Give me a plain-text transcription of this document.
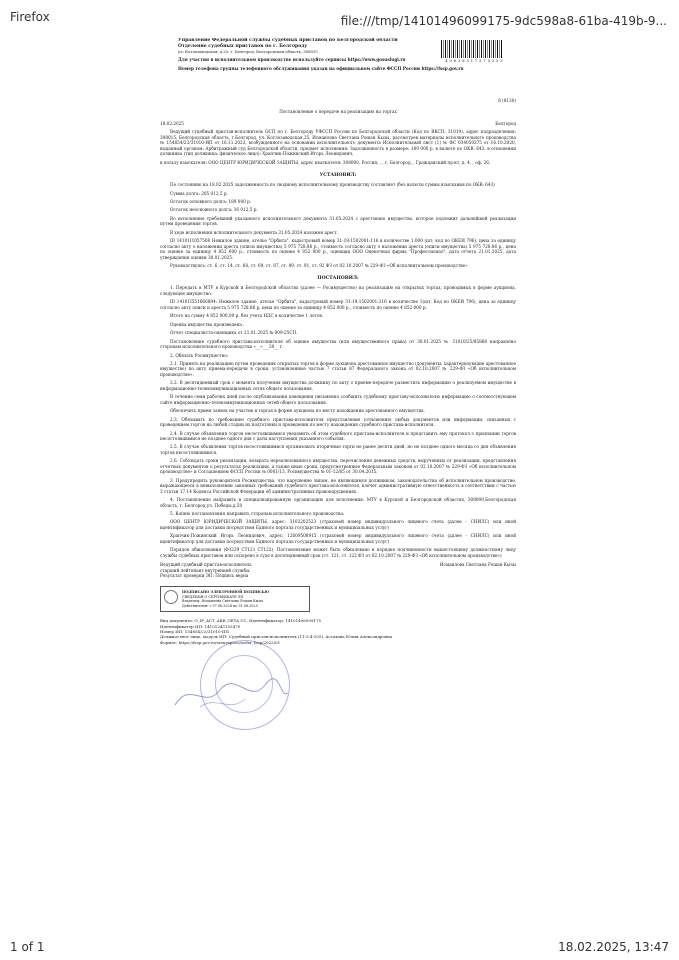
Firefox	file:///tmp/14101496099175-9dc598a8-61ba-419b-9...
Управление Федеральной службы судебных приставов по Белгородской области
Отделение судебных приставов по г. Белгороду
ул. Котлозаводская, д.25, г. Белгород, Белгородская область, 308015
4 0 6 3 8 3 1 7 3 7 5 3 5 3
Для участия в исполнительном производстве используйте сервисы https://www.gosuslugi.ru
Номер телефона группы телефонного обслуживания указан на официальном сайте ФССП России https://fssp.gov.ru
8 (8130)
Постановление о передаче на реализацию на торгах
18.02.2025	Белгород
Ведущий судебный пристав-исполнитель ОСП по г. Белгороду УФССП России по Белгородской области (Код по ВКСП: 31019), адрес подразделения: 308015, Белгородская область, г.Белгород, ул. Котлозаводская,25, Исмаилова Светлана Рошан Кызы, рассмотрев материалы исполнительного производства № 154854/23/31010-ИП от 16.11.2023, возбужденного на основании исполнительного документа Исполнительный лист (1) № ФС 034050375 от 16.10.2020, выданный органом: Арбитражный суд Белгородской области, предмет исполнения: Задолженность в размере: 189 000 р. в валюте по ОКВ: 643, в отношении должника (тип должника: физическое лицо): Храпчик-Пожинский Игорь Леонидович,
в пользу взыскателя: ООО ЦЕНТР ЮРИДИЧЕСКОЙ ЗАЩИТЫ, адрес взыскателя: 308000, Россия, , , г. Белгород, , Гражданский пр-кт, д. 4, , оф. 26,
УСТАНОВИЛ:
По состоянию на 18.02.2025 задолженность по сводному исполнительному производству составляет (без валюты суммы взыскания по ОКВ: 643)
Сумма долга: 205 012,5 р.
Остаток основного долга: 189 000 р.
Остаток неосновного долга: 16 012,5 р.
Во исполнение требований указанного исполнительного документа 31.05.2024 с арестовано имущество, которое подлежит дальнейшей реализации путем проведения торгов.
В ходе исполнения исполнительного документа 31.05.2024 наложен арест.
ID 14101I1057508 Нежилое здание, ателье "Орбита", кадастровый номер 31:19:1502001:116 в количестве 1.000 (шт; код по ОКЕИ 796), цена за единицу согласно акту о наложении ареста (описи имущества) 5 975 728.86 р., стоимость согласно акту о наложении ареста (описи имущества) 5 975 728.86 р., цена по оценке за единицу 4 852 000 р., стоимость по оценке 4 852 000 р., оценщик ООО Оценочная фирма "Профессионал", дата отчета 21.01.2025, дата утверждения оценки 30.01.2025.
Руководствуясь: ст. 6, ст. 14, ст. 68, ст. 69, ст. 87, ст. 89, ст. 91, ст. 92 ФЗ от 02.10.2007 № 229-ФЗ «Об исполнительном производстве»
ПОСТАНОВИЛ:
1. Передать в МТУ в Курской и Белгородской областях (далее — Росимущество) на реализацию на открытых торгах, проводимых в форме аукциона, следующее имущество:
ID 14101I551666894: Нежилое здание, ателье "Орбита", кадастровый номер 31:19:1502001:116 в количестве 1(шт; Код по ОКЕИ 796), цена за единицу согласно акту описи и ареста 5 975 728,86 р, цена по оценке за единицу 4 852 000 р., стоимость по оценке 4 852 000 р.
Итого на сумму 4 852 000,00 р. без учета НДС в количестве 1 лотов.
Оценка имущества произведена .
Отчет специалиста-оценщика от 21.01.2025 № 009-25СП.
Постановление судебного пристава-исполнителя об оценке имущества (или имущественного права) от 30.01.2025 № 31010/25/85868 направлено сторонам исполнительного производства «__»___20__ г.
2. Обязать Росимущество:
2.1. Принять на реализацию путем проведения открытых торгов в форме аукциона арестованное имущество (документы, характеризующие арестованное имущество) по акту приема-передачи в сроки, установленные частью 7 статьи 87 Федерального закона от 02.10.2007 № 229-ФЗ «Об исполнительном производстве».
2.2. В десятидневный срок с момента получения имущества должнику по акту о приеме-передаче разместить информацию о реализуемом имуществе в информационно-телекоммуникационных сетях общего пользования.
В течение семи рабочих дней после опубликования извещения письменно сообщить судебному приставу-исполнителю информацию о соответствующем сайте информационно-телекоммуникационных сетей общего пользования.
Обеспечить прием заявок на участие в торгах в форме аукциона по месту нахождения арестованного имущества.
2.3. Обязывать по требованию судебного пристава-исполнителя представление (отношение) любых документов или информации, связанных с проведением торгов на любой стадии их подготовки и проведения по месту нахождения судебного пристава-исполнителя.
2.4. В случае объявления торгов несостоявшимися уведомить об этом судебного пристава-исполнителя и представить ему протокол о признании торгов несостоявшимися не позднее одного дня с даты наступления указанного события.
2.5. В случае объявления торгов несостоявшимися организовать вторичные торги не ранее десяти дней, но не позднее одного месяца со дня объявления торгов несостоявшимися.
2.6. Соблюдать сроки реализации, возврата нереализованного имущества, перечисления денежных средств, вырученных от реализации, представления отчетных документов о результатах реализации, а также иные сроки, предусмотренные Федеральным законом от 02.10.2007 № 229-ФЗ «Об исполнительном производстве» и Соглашением ФССП России № 0001/13, Росимущества № 01-12/65 от 30.04.2015.
3. Предупредить руководителя Росимущества, что нарушение лицом, не являющимся должником, законодательства об исполнительном производстве, выражающееся в невыполнении законных требований судебного пристава-исполнителя, влечет административную ответственность в соответствии с частью 3 статьи 17.14 Кодекса Российской Федерации об административных правонарушениях.
4. Постановление направить в специализированную организацию для исполнения: МТУ в Курской и Белгородской областях, 308009,Белгородская область, г. Белгород,ул. Победы,д.50
5. Копию постановления направить сторонам исполнительного производства:
ООО ЦЕНТР ЮРИДИЧЕСКОЙ ЗАЩИТЫ, адрес: 3102202523 (страховой номер индивидуального лицевого счета (далее - СНИЛС) или иной идентификатор для доставки посредством Единого портала государственных и муниципальных услуг)
Храпчик-Пожинский Игорь Леонидович, адрес: 12609508915 (страховой номер индивидуального лицевого счета (далее - СНИЛС) или иной идентификатор для доставки посредством Единого портала государственных и муниципальных услуг)
Порядок обжалования (ФЗ229_СТ121_СТ122). Постановление может быть обжаловано в порядке подчиненности вышестоящему должностному лицу службы судебных приставов или оспорено в суде в десятидневный срок (ст. 121, ст. 122 ФЗ от 02.10.2007 № 229-ФЗ «Об исполнительном производстве»)
Ведущий судебный пристав-исполнитель
старший лейтенант внутренней службы
Результат проверки ЭП: Подпись верна
Исмаилова Светлана Рошан Кызы
ПОДПИСАНО ЭЛЕКТРОННОЙ ПОДПИСЬЮ
СВЕДЕНИЯ О СЕРТИФИКАТЕ ЭП
Владелец: Исмаилова Светлана Рошан Кызы
Действителен: с 07.06.2024 по 31.08.2025
Вид документа: O_IP_ACT_ARR_GETA UC, Идентификатор: 14101496099175
Идентификатор ИП: 14101245153479
Номер ИП: 154854/23/31010-ИП
Должностное лицо, модуль ИП: Судебный пристав-исполнитель (11-3-4-105), Астахова Юлия Александровна
Формат: https://fssp.gov.ru/ravnespocо/order_fssp/2022/01
1 of 1	18.02.2025, 13:47
